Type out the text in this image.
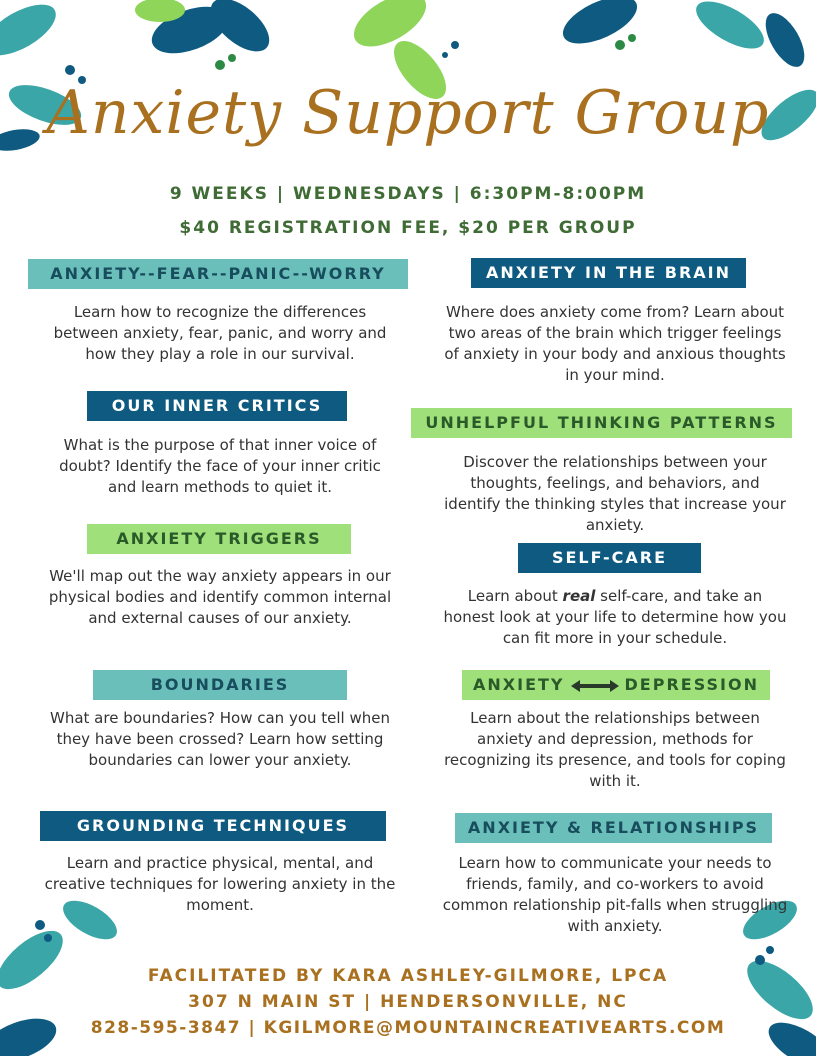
Anxiety Support Group
9 WEEKS | WEDNESDAYS | 6:30PM-8:00PM
$40 REGISTRATION FEE, $20 PER GROUP
ANXIETY--FEAR--PANIC--WORRY
Learn how to recognize the differences between anxiety, fear, panic, and worry and how they play a role in our survival.
OUR INNER CRITICS
What is the purpose of that inner voice of doubt? Identify the face of your inner critic and learn methods to quiet it.
ANXIETY TRIGGERS
We'll map out the way anxiety appears in our physical bodies and identify common internal and external causes of our anxiety.
BOUNDARIES
What are boundaries? How can you tell when they have been crossed? Learn how setting boundaries can lower your anxiety.
GROUNDING TECHNIQUES
Learn and practice physical, mental, and creative techniques for lowering anxiety in the moment.
ANXIETY IN THE BRAIN
Where does anxiety come from? Learn about two areas of the brain which trigger feelings of anxiety in your body and anxious thoughts in your mind.
UNHELPFUL THINKING PATTERNS
Discover the relationships between your thoughts, feelings, and behaviors, and identify the thinking styles that increase your anxiety.
SELF-CARE
Learn about real self-care, and take an honest look at your life to determine how you can fit more in your schedule.
ANXIETY	DEPRESSION
Learn about the relationships between anxiety and depression, methods for recognizing its presence, and tools for coping with it.
ANXIETY & RELATIONSHIPS
Learn how to communicate your needs to friends, family, and co-workers to avoid common relationship pit-falls when struggling with anxiety.
FACILITATED BY KARA ASHLEY-GILMORE, LPCA
307 N MAIN ST | HENDERSONVILLE, NC
828-595-3847 | KGILMORE@MOUNTAINCREATIVEARTS.COM
